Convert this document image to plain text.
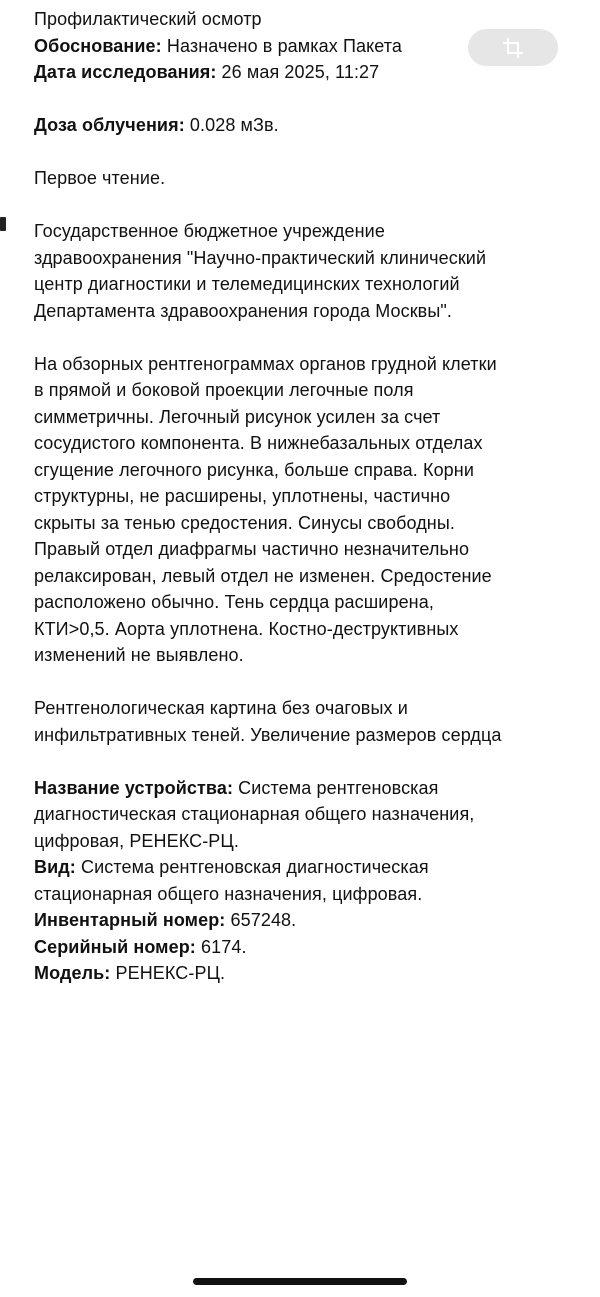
Профилактический осмотр
Обоснование: Назначено в рамках Пакета
Дата исследования: 26 мая 2025, 11:27
Доза облучения: 0.028 мЗв.
Первое чтение.
Государственное бюджетное учреждение
здравоохранения "Научно-практический клинический
центр диагностики и телемедицинских технологий
Департамента здравоохранения города Москвы".
На обзорных рентгенограммах органов грудной клетки
в прямой и боковой проекции легочные поля
симметричны. Легочный рисунок усилен за счет
сосудистого компонента. В нижнебазальных отделах
сгущение легочного рисунка, больше справа. Корни
структурны, не расширены, уплотнены, частично
скрыты за тенью средостения. Синусы свободны.
Правый отдел диафрагмы частично незначительно
релаксирован, левый отдел не изменен. Средостение
расположено обычно. Тень сердца расширена,
КТИ>0,5. Аорта уплотнена. Костно-деструктивных
изменений не выявлено.
Рентгенологическая картина без очаговых и
инфильтративных теней. Увеличение размеров сердца
Название устройства: Система рентгеновская
диагностическая стационарная общего назначения,
цифровая, РЕНЕКС-РЦ.
Вид: Система рентгеновская диагностическая
стационарная общего назначения, цифровая.
Инвентарный номер: 657248.
Серийный номер: 6174.
Модель: РЕНЕКС-РЦ.
